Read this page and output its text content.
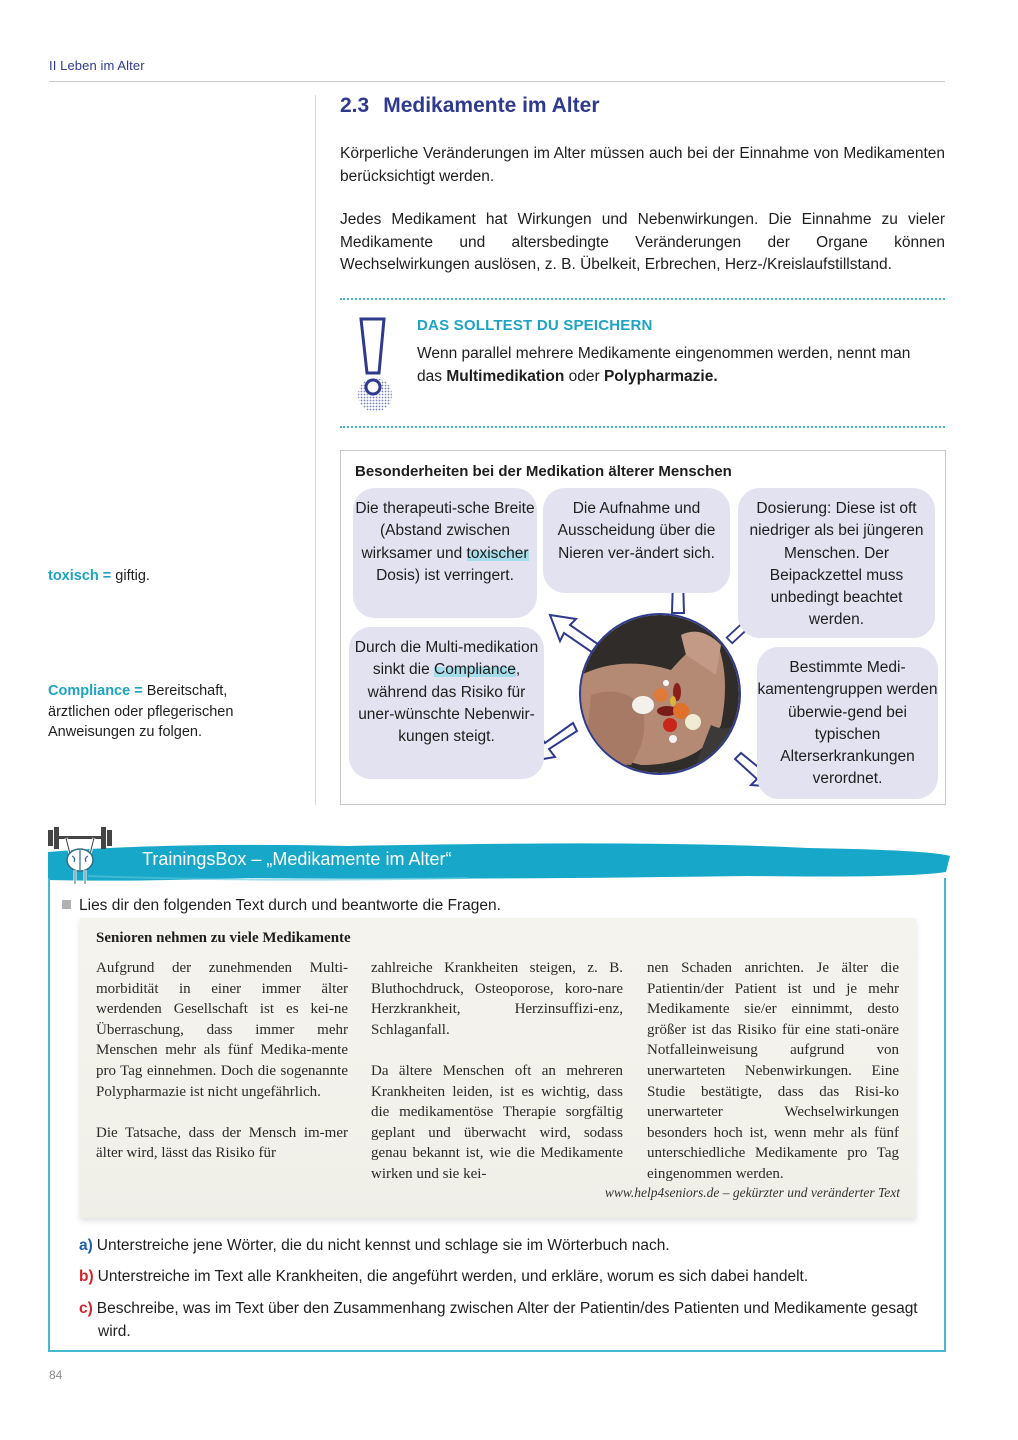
II Leben im Alter
2.3 Medikamente im Alter

Körperliche Veränderungen im Alter müssen auch bei der Einnahme von Medikamenten berücksichtigt werden.

Jedes Medikament hat Wirkungen und Nebenwirkungen. Die Einnahme zu vieler Medikamente und altersbedingte Veränderungen der Organe können Wechselwirkungen auslösen, z. B. Übelkeit, Erbrechen, Herz-/Kreislaufstillstand.

DAS SOLLTEST DU SPEICHERN
Wenn parallel mehrere Medikamente eingenommen werden, nennt man das Multimedikation oder Polypharmazie.
Besonderheiten bei der Medikation älterer Menschen
Die therapeuti-sche Breite (Abstand zwischen wirksamer und toxischer Dosis) ist verringert.
Die Aufnahme und Ausscheidung über die Nieren ver-ändert sich.
Dosierung: Diese ist oft niedriger als bei jüngeren Menschen. Der Beipackzettel muss unbedingt beachtet werden.
Durch die Multi-medikation sinkt die Compliance, während das Risiko für uner-wünschte Nebenwir-kungen steigt.
Bestimmte Medi-kamentengruppen werden überwie-gend bei typischen Alterserkrankungen verordnet.
toxisch = giftig.
Compliance = Bereitschaft, ärztlichen oder pflegerischen Anweisungen zu folgen.
TrainingsBox – „Medikamente im Alter“
Lies dir den folgenden Text durch und beantworte die Fragen.
Senioren nehmen zu viele Medikamente

Aufgrund der zunehmenden Multi-morbidität in einer immer älter werdenden Gesellschaft ist es kei-ne Überraschung, dass immer mehr Menschen mehr als fünf Medika-mente pro Tag einnehmen. Doch die sogenannte Polypharmazie ist nicht ungefährlich.

Die Tatsache, dass der Mensch im-mer älter wird, lässt das Risiko für

zahlreiche Krankheiten steigen, z. B. Bluthochdruck, Osteoporose, koro-nare Herzkrankheit, Herzinsuffizi-enz, Schlaganfall.

Da ältere Menschen oft an mehreren Krankheiten leiden, ist es wichtig, dass die medikamentöse Therapie sorgfältig geplant und überwacht wird, sodass genau bekannt ist, wie die Medikamente wirken und sie kei-

nen Schaden anrichten. Je älter die Patientin/der Patient ist und je mehr Medikamente sie/er einnimmt, desto größer ist das Risiko für eine stati-onäre Notfalleinweisung aufgrund von unerwarteten Nebenwirkungen. Eine Studie bestätigte, dass das Risi-ko unerwarteter Wechselwirkungen besonders hoch ist, wenn mehr als fünf unterschiedliche Medikamente pro Tag eingenommen werden.

www.help4seniors.de – gekürzter und veränderter Text
a) Unterstreiche jene Wörter, die du nicht kennst und schlage sie im Wörterbuch nach.
b) Unterstreiche im Text alle Krankheiten, die angeführt werden, und erkläre, worum es sich dabei handelt.
c) Beschreibe, was im Text über den Zusammenhang zwischen Alter der Patientin/des Patienten und Medikamente gesagt wird.
84
